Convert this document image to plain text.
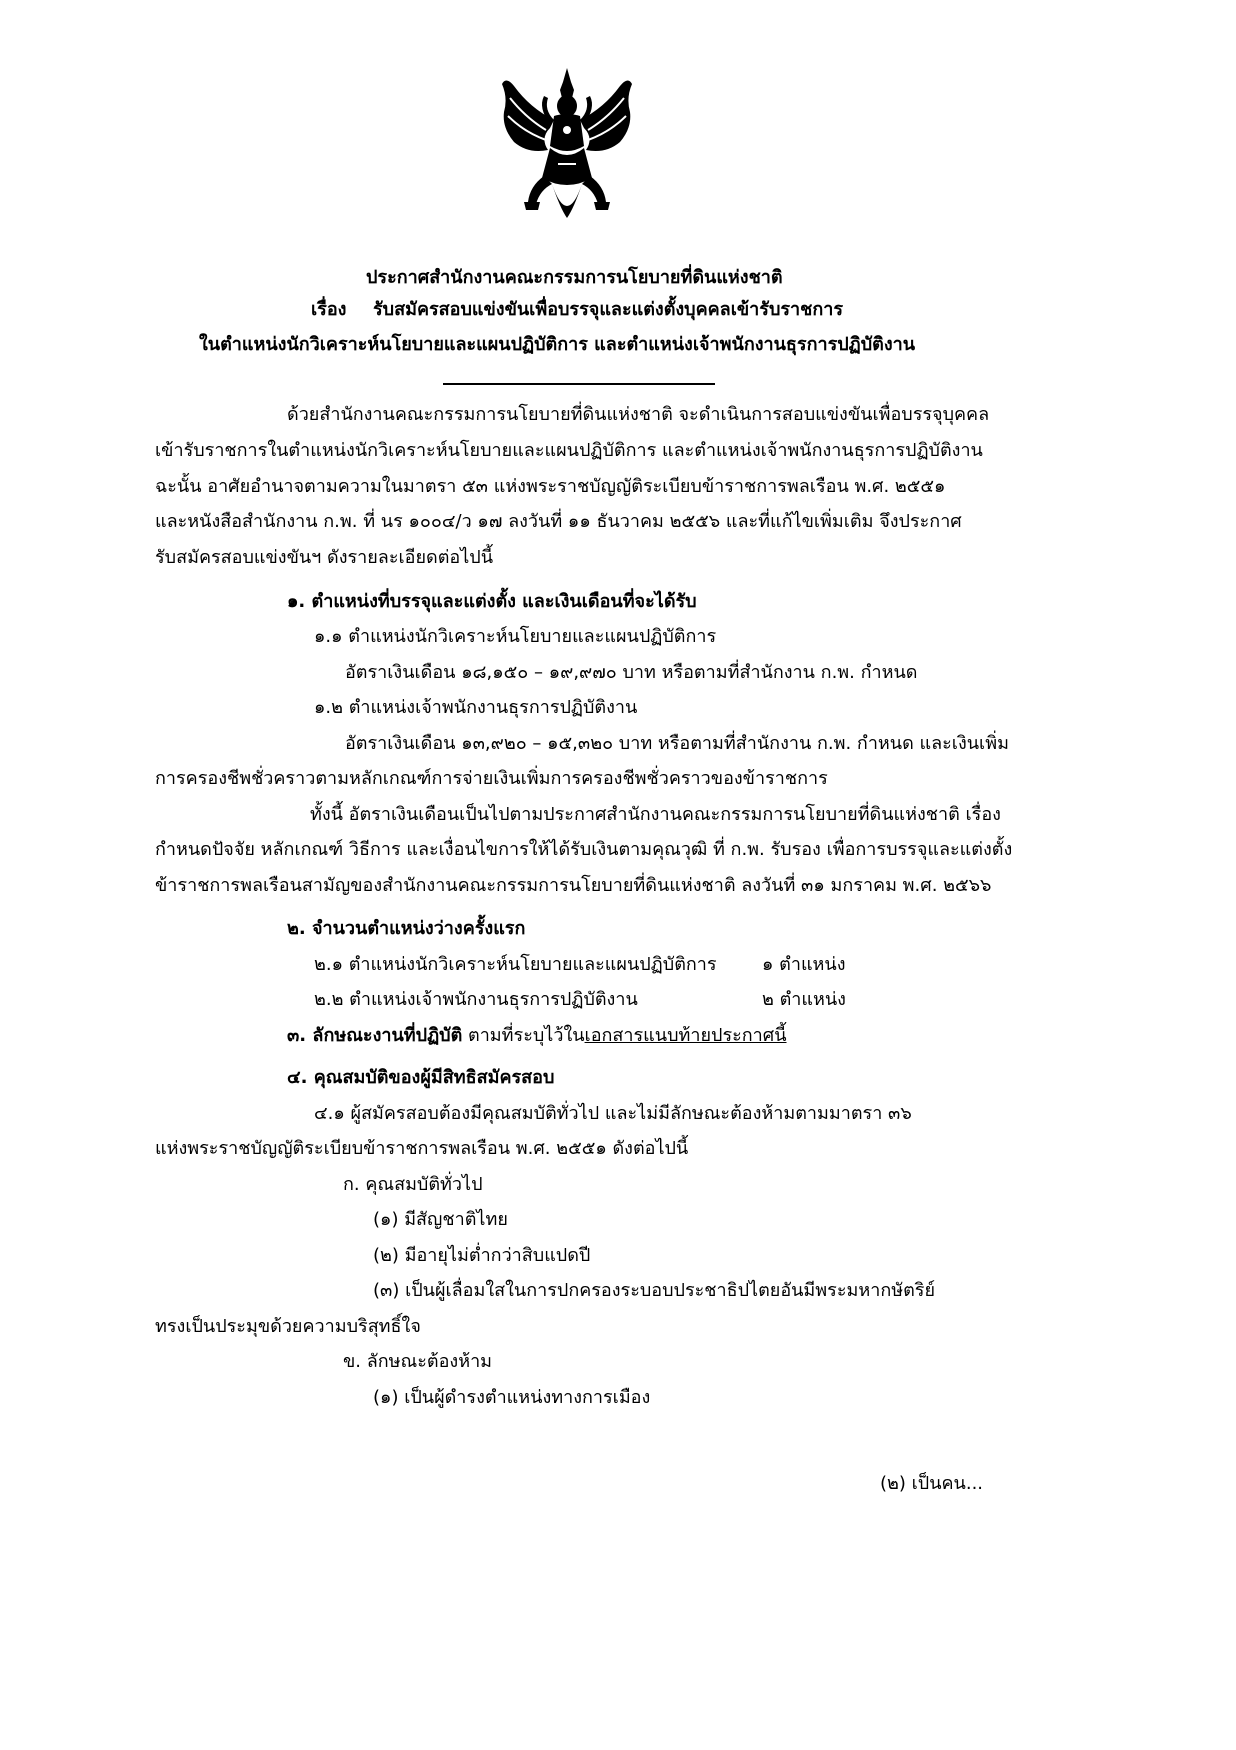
ประกาศสำนักงานคณะกรรมการนโยบายที่ดินแห่งชาติ
เรื่อง รับสมัครสอบแข่งขันเพื่อบรรจุและแต่งตั้งบุคคลเข้ารับราชการ
ในตำแหน่งนักวิเคราะห์นโยบายและแผนปฏิบัติการ และตำแหน่งเจ้าพนักงานธุรการปฏิบัติงาน
ด้วยสำนักงานคณะกรรมการนโยบายที่ดินแห่งชาติ จะดำเนินการสอบแข่งขันเพื่อบรรจุบุคคล
เข้ารับราชการในตำแหน่งนักวิเคราะห์นโยบายและแผนปฏิบัติการ และตำแหน่งเจ้าพนักงานธุรการปฏิบัติงาน
ฉะนั้น อาศัยอำนาจตามความในมาตรา ๕๓ แห่งพระราชบัญญัติระเบียบข้าราชการพลเรือน พ.ศ. ๒๕๕๑
และหนังสือสำนักงาน ก.พ. ที่ นร ๑๐๐๔/ว ๑๗ ลงวันที่ ๑๑ ธันวาคม ๒๕๕๖ และที่แก้ไขเพิ่มเติม จึงประกาศ
รับสมัครสอบแข่งขันฯ ดังรายละเอียดต่อไปนี้
๑. ตำแหน่งที่บรรจุและแต่งตั้ง และเงินเดือนที่จะได้รับ
๑.๑ ตำแหน่งนักวิเคราะห์นโยบายและแผนปฏิบัติการ
อัตราเงินเดือน ๑๘,๑๕๐ – ๑๙,๙๗๐ บาท หรือตามที่สำนักงาน ก.พ. กำหนด
๑.๒ ตำแหน่งเจ้าพนักงานธุรการปฏิบัติงาน
อัตราเงินเดือน ๑๓,๙๒๐ – ๑๕,๓๒๐ บาท หรือตามที่สำนักงาน ก.พ. กำหนด และเงินเพิ่ม
การครองชีพชั่วคราวตามหลักเกณฑ์การจ่ายเงินเพิ่มการครองชีพชั่วคราวของข้าราชการ
ทั้งนี้ อัตราเงินเดือนเป็นไปตามประกาศสำนักงานคณะกรรมการนโยบายที่ดินแห่งชาติ เรื่อง
กำหนดปัจจัย หลักเกณฑ์ วิธีการ และเงื่อนไขการให้ได้รับเงินตามคุณวุฒิ ที่ ก.พ. รับรอง เพื่อการบรรจุและแต่งตั้ง
ข้าราชการพลเรือนสามัญของสำนักงานคณะกรรมการนโยบายที่ดินแห่งชาติ ลงวันที่ ๓๑ มกราคม พ.ศ. ๒๕๖๖
๒. จำนวนตำแหน่งว่างครั้งแรก
๒.๑ ตำแหน่งนักวิเคราะห์นโยบายและแผนปฏิบัติการ	๑ ตำแหน่ง
๒.๒ ตำแหน่งเจ้าพนักงานธุรการปฏิบัติงาน	๒ ตำแหน่ง
๓. ลักษณะงานที่ปฏิบัติ ตามที่ระบุไว้ในเอกสารแนบท้ายประกาศนี้
๔. คุณสมบัติของผู้มีสิทธิสมัครสอบ
๔.๑ ผู้สมัครสอบต้องมีคุณสมบัติทั่วไป และไม่มีลักษณะต้องห้ามตามมาตรา ๓๖
แห่งพระราชบัญญัติระเบียบข้าราชการพลเรือน พ.ศ. ๒๕๕๑ ดังต่อไปนี้
ก. คุณสมบัติทั่วไป
(๑) มีสัญชาติไทย
(๒) มีอายุไม่ต่ำกว่าสิบแปดปี
(๓) เป็นผู้เลื่อมใสในการปกครองระบอบประชาธิปไตยอันมีพระมหากษัตริย์
ทรงเป็นประมุขด้วยความบริสุทธิ์ใจ
ข. ลักษณะต้องห้าม
(๑) เป็นผู้ดำรงตำแหน่งทางการเมือง
(๒) เป็นคน...
